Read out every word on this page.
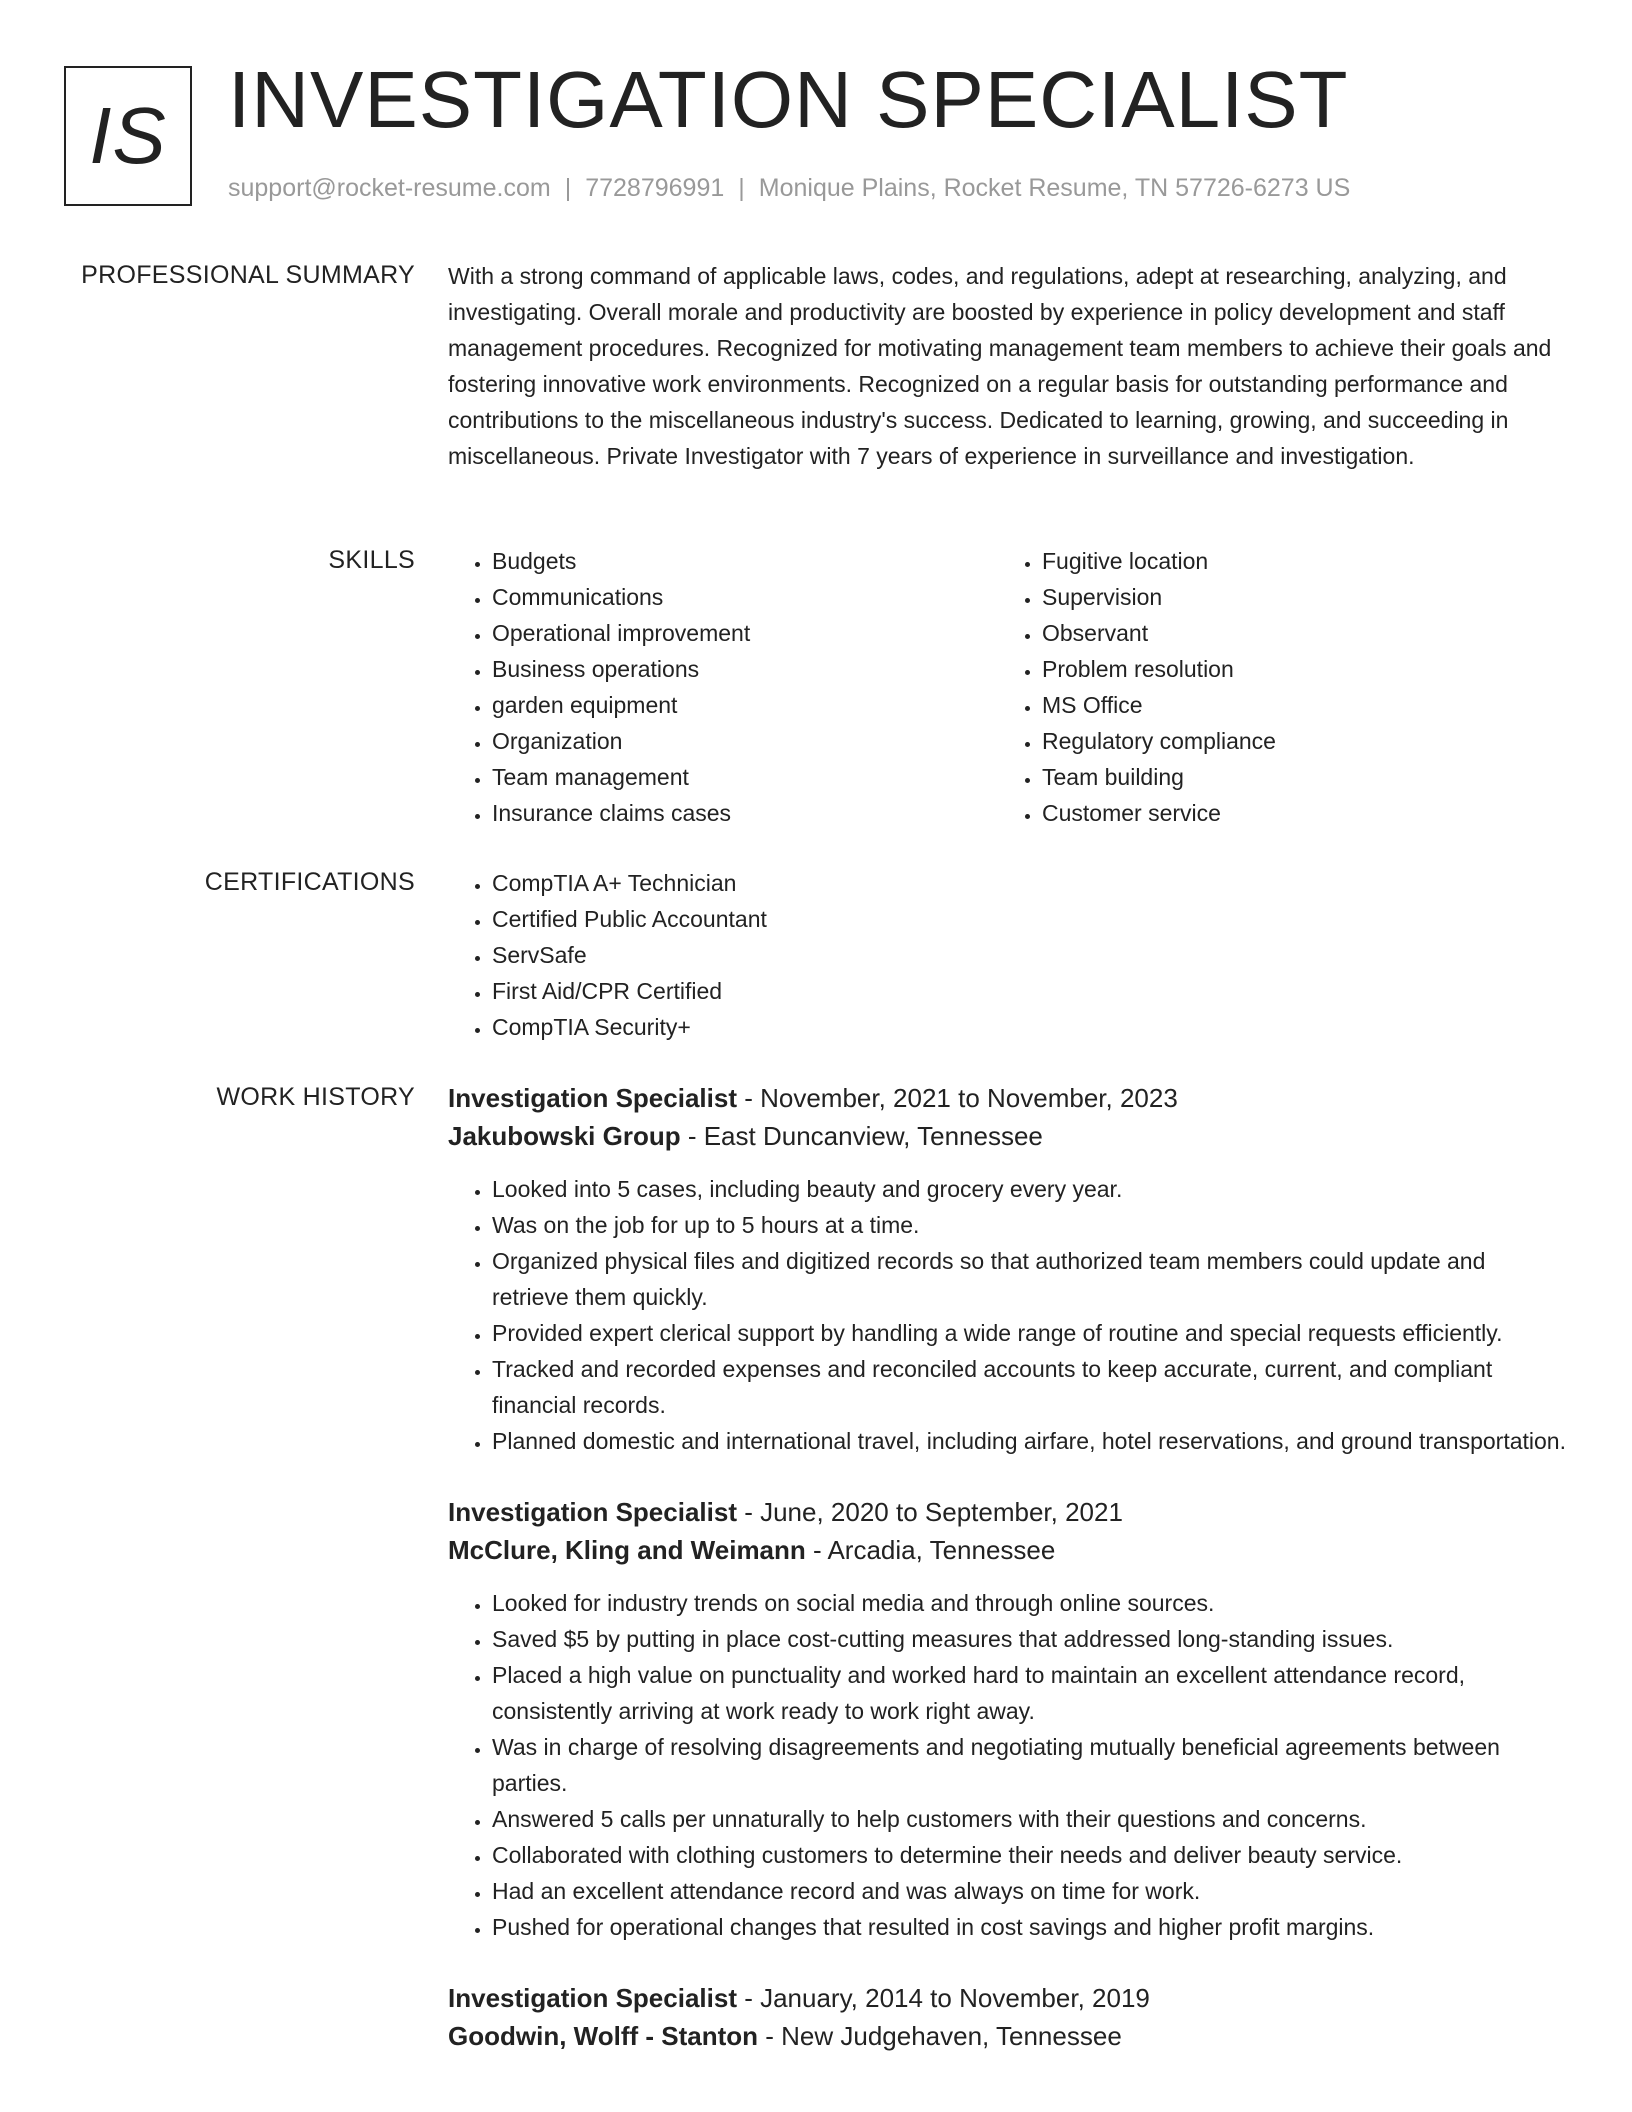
IS INVESTIGATION SPECIALIST
support@rocket-resume.com | 7728796991 | Monique Plains, Rocket Resume, TN 57726-6273 US
PROFESSIONAL SUMMARY With a strong command of applicable laws, codes, and regulations, adept at researching, analyzing, and investigating. Overall morale and productivity are boosted by experience in policy development and staff management procedures. Recognized for motivating management team members to achieve their goals and fostering innovative work environments. Recognized on a regular basis for outstanding performance and contributions to the miscellaneous industry's success. Dedicated to learning, growing, and succeeding in miscellaneous. Private Investigator with 7 years of experience in surveillance and investigation.

SKILLS	• Budgets
• Communications
• Operational improvement
• Business operations
• garden equipment
• Organization
• Team management
• Insurance claims cases
• Fugitive location
• Supervision
• Observant
• Problem resolution
• MS Office
• Regulatory compliance
• Team building
• Customer service
CERTIFICATIONS	• CompTIA A+ Technician
• Certified Public Accountant
• ServSafe
• First Aid/CPR Certified
• CompTIA Security+
WORK HISTORY Investigation Specialist - November, 2021 to November, 2023
Jakubowski Group - East Duncanview, Tennessee
• Looked into 5 cases, including beauty and grocery every year.
• Was on the job for up to 5 hours at a time.
• Organized physical files and digitized records so that authorized team members could update and retrieve them quickly.
• Provided expert clerical support by handling a wide range of routine and special requests efficiently.
• Tracked and recorded expenses and reconciled accounts to keep accurate, current, and compliant financial records.
• Planned domestic and international travel, including airfare, hotel reservations, and ground transportation.
Investigation Specialist - June, 2020 to September, 2021
McClure, Kling and Weimann - Arcadia, Tennessee
• Looked for industry trends on social media and through online sources.
• Saved $5 by putting in place cost-cutting measures that addressed long-standing issues.
• Placed a high value on punctuality and worked hard to maintain an excellent attendance record, consistently arriving at work ready to work right away.
• Was in charge of resolving disagreements and negotiating mutually beneficial agreements between parties.
• Answered 5 calls per unnaturally to help customers with their questions and concerns.
• Collaborated with clothing customers to determine their needs and deliver beauty service.
• Had an excellent attendance record and was always on time for work.
• Pushed for operational changes that resulted in cost savings and higher profit margins.
Investigation Specialist - January, 2014 to November, 2019
Goodwin, Wolff - Stanton - New Judgehaven, Tennessee
